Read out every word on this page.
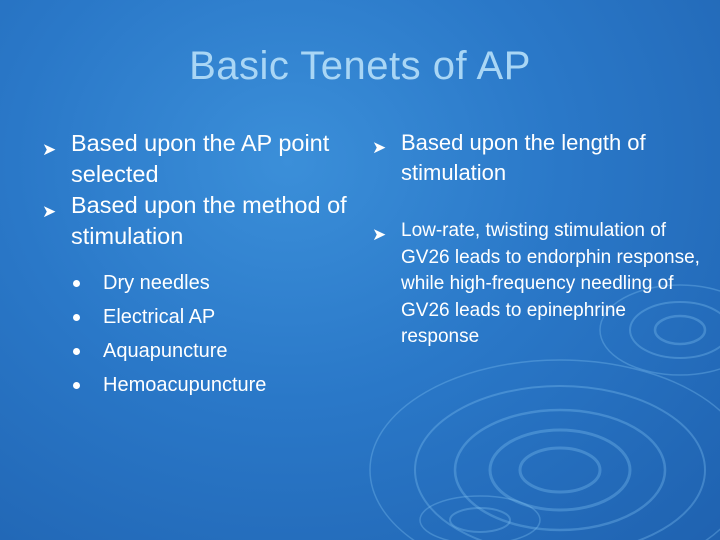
Basic Tenets of AP
➤ Based upon the AP point selected
➤ Based upon the method of stimulation
Dry needles
Electrical AP
Aquapuncture
Hemoacupuncture
➤ Based upon the length of stimulation
➤ Low-rate, twisting stimulation of GV26 leads to endorphin response, while high-frequency needling of GV26 leads to epinephrine response
